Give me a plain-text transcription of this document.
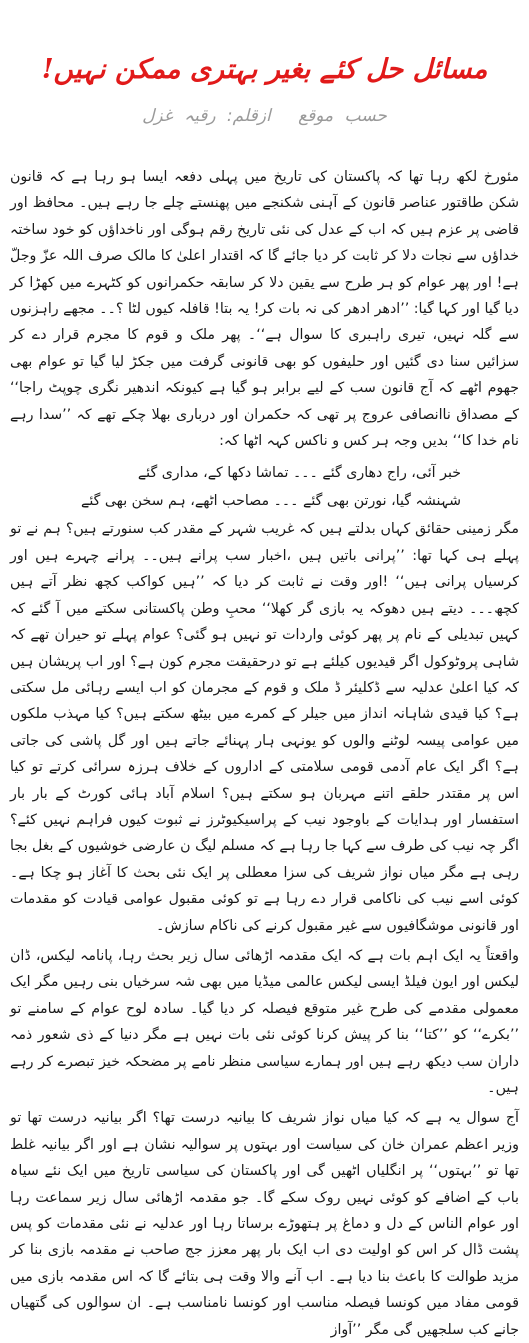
مسائل حل کئے بغیر بہتری ممکن نہیں!
حسب موقع ازقلم: رقیہ غزل

مئورخ لکھ رہا تھا کہ پاکستان کی تاریخ میں پہلی دفعہ ایسا ہو رہا ہے کہ قانون شکن طاقتور عناصر قانون کے آہنی شکنجے میں پھنستے چلے جا رہے ہیں۔ محافظ اور قاضی پر عزم ہیں کہ اب کے عدل کی نئی تاریخ رقم ہوگی اور ناخداؤں کو خود ساختہ خداؤں سے نجات دلا کر ثابت کر دیا جائے گا کہ اقتدار اعلیٰ کا مالک صرف اللہ عزّ وجلّ ہے! اور پھر عوام کو ہر طرح سے یقین دلا کر سابقہ حکمرانوں کو کٹہرے میں کھڑا کر دیا گیا اور کہا گیا: ’’ادھر ادھر کی نہ بات کر! یہ بتا! قافلہ کیوں لٹا ؟۔۔ مجھے راہزنوں سے گلہ نہیں، تیری راہبری کا سوال ہے‘‘۔ پھر ملک و قوم کا مجرم قرار دے کر سزائیں سنا دی گئیں اور حلیفوں کو بھی قانونی گرفت میں جکڑ لیا گیا تو عوام بھی جھوم اٹھے کہ آج قانون سب کے لیے برابر ہو گیا ہے کیونکہ اندھیر نگری چوپٹ راجا‘‘ کے مصداق ناانصافی عروج پر تھی کہ حکمران اور درباری بھلا چکے تھے کہ ’’سدا رہے نام خدا کا‘‘ بدیں وجہ ہر کس و ناکس کہہ اٹھا کہ:

خبر آئی، راج دھاری گئے ۔۔۔ تماشا دکھا کے، مداری گئے
شہنشہ گیا، نورتن بھی گئے ۔۔۔ مصاحب اٹھے، ہم سخن بھی گئے

مگر زمینی حقائق کہاں بدلتے ہیں کہ غریب شہر کے مقدر کب سنورتے ہیں؟ ہم نے تو پہلے ہی کہا تھا: ’’پرانی باتیں ہیں ،اخبار سب پرانے ہیں۔۔ پرانے چہرے ہیں اور کرسیاں پرانی ہیں‘‘ !اور وقت نے ثابت کر دیا کہ ’’ہیں کواکب کچھ نظر آتے ہیں کچھ۔۔۔ دیتے ہیں دھوکہ یہ بازی گر کھلا‘‘ محبِ وطن پاکستانی سکتے میں آ گئے کہ کہیں تبدیلی کے نام پر پھر کوئی واردات تو نہیں ہو گئی؟ عوام پہلے تو حیران تھے کہ شاہی پروٹوکول اگر قیدیوں کیلئے ہے تو درحقیقت مجرم کون ہے؟ اور اب پریشان ہیں کہ کیا اعلیٰ عدلیہ سے ڈکلیئر ڈ ملک و قوم کے مجرمان کو اب ایسے رہائی مل سکتی ہے؟ کیا قیدی شاہانہ انداز میں جیلر کے کمرے میں بیٹھ سکتے ہیں؟ کیا مہذب ملکوں میں عوامی پیسہ لوٹنے والوں کو یونہی ہار پہنائے جاتے ہیں اور گل پاشی کی جاتی ہے؟ اگر ایک عام آدمی قومی سلامتی کے اداروں کے خلاف ہرزہ سرائی کرتے تو کیا اس پر مقتدر حلقے اتنے مہربان ہو سکتے ہیں؟ اسلام آباد ہائی کورٹ کے بار بار استفسار اور ہدایات کے باوجود نیب کے پراسیکیوٹرز نے ثبوت کیوں فراہم نہیں کئے؟ اگر چہ نیب کی طرف سے کہا جا رہا ہے کہ مسلم لیگ ن عارضی خوشیوں کے بغل بجا رہی ہے مگر میاں نواز شریف کی سزا معطلی پر ایک نئی بحث کا آغاز ہو چکا ہے۔ کوئی اسے نیب کی ناکامی قرار دے رہا ہے تو کوئی مقبول عوامی قیادت کو مقدمات اور قانونی موشگافیوں سے غیر مقبول کرنے کی ناکام سازش۔

واقعتاً یہ ایک اہم بات ہے کہ ایک مقدمہ اڑھائی سال زیر بحث رہا، پانامہ لیکس، ڈان لیکس اور ایون فیلڈ ایسی لیکس عالمی میڈیا میں بھی شہ سرخیاں بنی رہیں مگر ایک معمولی مقدمے کی طرح غیر متوقع فیصلہ کر دیا گیا۔ سادہ لوح عوام کے سامنے تو ’’بکرے‘‘ کو ’’کتا‘‘ بنا کر پیش کرنا کوئی نئی بات نہیں ہے مگر دنیا کے ذی شعور ذمہ داران سب دیکھ رہے ہیں اور ہمارے سیاسی منظر نامے پر مضحکہ خیز تبصرے کر رہے ہیں۔

آج سوال یہ ہے کہ کیا میاں نواز شریف کا بیانیہ درست تھا؟ اگر بیانیہ درست تھا تو وزیر اعظم عمران خان کی سیاست اور بہتوں پر سوالیہ نشان ہے اور اگر بیانیہ غلط تھا تو ’’بہتوں‘‘ پر انگلیاں اٹھیں گی اور پاکستان کی سیاسی تاریخ میں ایک نئے سیاہ باب کے اضافے کو کوئی نہیں روک سکے گا۔ جو مقدمہ اڑھائی سال زیر سماعت رہا اور عوام الناس کے دل و دماغ پر ہتھوڑے برساتا رہا اور عدلیہ نے نئی مقدمات کو پس پشت ڈال کر اس کو اولیت دی اب ایک بار پھر معزز جج صاحب نے مقدمہ بازی بنا کر مزید طوالت کا باعث بنا دیا ہے۔ اب آنے والا وقت ہی بتائے گا کہ اس مقدمہ بازی میں قومی مفاد میں کونسا فیصلہ مناسب اور کونسا نامناسب ہے۔ ان سوالوں کی گتھیاں جانے کب سلجھیں گی مگر ’’آواز
